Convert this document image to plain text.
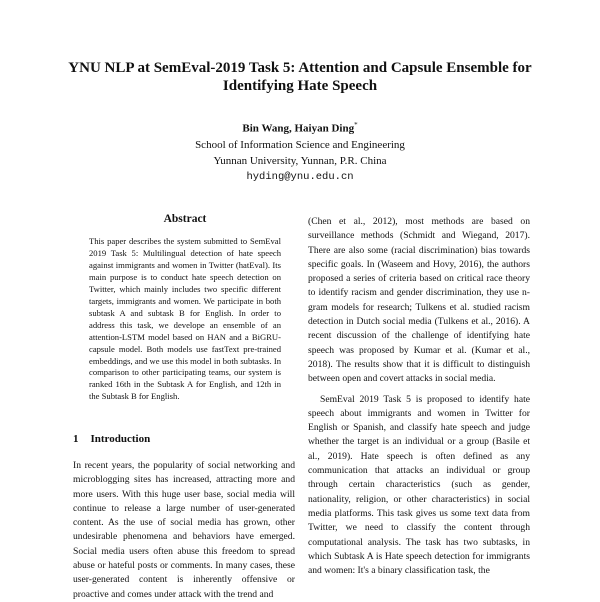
YNU NLP at SemEval-2019 Task 5: Attention and Capsule Ensemble for Identifying Hate Speech
Bin Wang, Haiyan Ding*
School of Information Science and Engineering
Yunnan University, Yunnan, P.R. China
hyding@ynu.edu.cn
Abstract

This paper describes the system submitted to SemEval 2019 Task 5: Multilingual detection of hate speech against immigrants and women in Twitter (hatEval). Its main purpose is to conduct hate speech detection on Twitter, which mainly includes two specific different targets, immigrants and women. We participate in both subtask A and subtask B for English. In order to address this task, we develope an ensemble of an attention-LSTM model based on HAN and a BiGRU-capsule model. Both models use fastText pre-trained embeddings, and we use this model in both subtasks. In comparison to other participating teams, our system is ranked 16th in the Subtask A for English, and 12th in the Subtask B for English.

1 Introduction

In recent years, the popularity of social networking and microblogging sites has increased, attracting more and more users. With this huge user base, social media will continue to release a large number of user-generated content. As the use of social media has grown, other undesirable phenomena and behaviors have emerged. Social media users often abuse this freedom to spread abuse or hateful posts or comments. In many cases, these user-generated content is inherently offensive or proactive and comes under attack with the trend and

(Chen et al., 2012), most methods are based on surveillance methods (Schmidt and Wiegand, 2017). There are also some (racial discrimination) bias towards specific goals. In (Waseem and Hovy, 2016), the authors proposed a series of criteria based on critical race theory to identify racism and gender discrimination, they use n-gram models for research; Tulkens et al. studied racism detection in Dutch social media (Tulkens et al., 2016). A recent discussion of the challenge of identifying hate speech was proposed by Kumar et al. (Kumar et al., 2018). The results show that it is difficult to distinguish between open and covert attacks in social media.

SemEval 2019 Task 5 is proposed to identify hate speech about immigrants and women in Twitter for English or Spanish, and classify hate speech and judge whether the target is an individual or a group (Basile et al., 2019). Hate speech is often defined as any communication that attacks an individual or group through certain characteristics (such as gender, nationality, religion, or other characteristics) in social media platforms. This task gives us some text data from Twitter, we need to classify the content through computational analysis. The task has two subtasks, in which Subtask A is Hate speech detection for immigrants and women: It's a binary classification task, the
